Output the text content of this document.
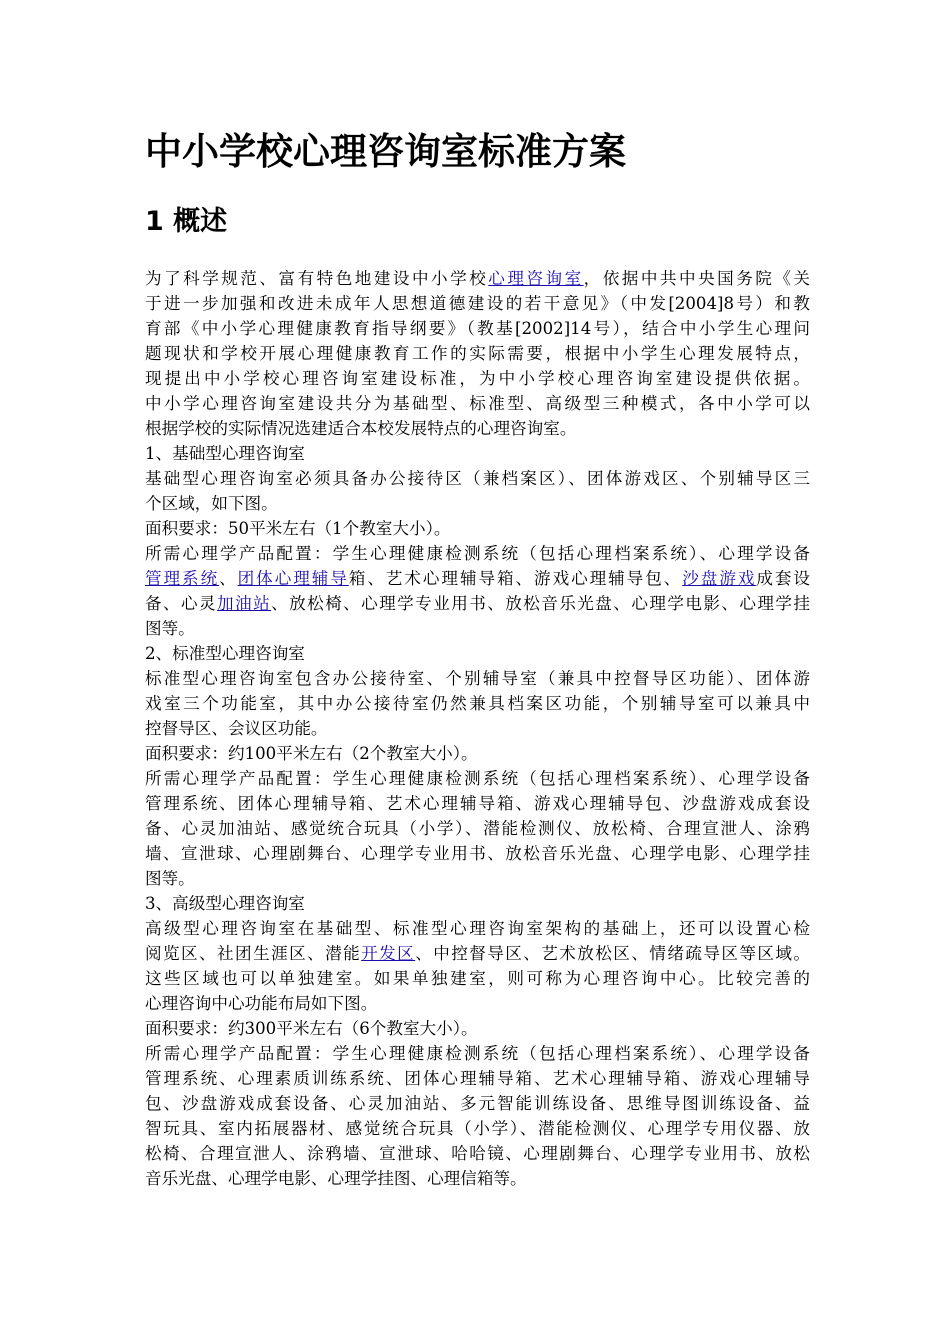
中小学校心理咨询室标准方案
1 概述
为了科学规范、富有特色地建设中小学校心理咨询室，依据中共中央国务院《关
于进一步加强和改进未成年人思想道德建设的若干意见》（中发[2004]8号）和教
育部《中小学心理健康教育指导纲要》（教基[2002]14号），结合中小学生心理问
题现状和学校开展心理健康教育工作的实际需要，根据中小学生心理发展特点，
现提出中小学校心理咨询室建设标准，为中小学校心理咨询室建设提供依据。
中小学心理咨询室建设共分为基础型、标准型、高级型三种模式，各中小学可以
根据学校的实际情况选建适合本校发展特点的心理咨询室。
1、基础型心理咨询室
基础型心理咨询室必须具备办公接待区（兼档案区）、团体游戏区、个别辅导区三
个区域，如下图。
面积要求：50平米左右（1个教室大小）。
所需心理学产品配置：学生心理健康检测系统（包括心理档案系统）、心理学设备
管理系统、团体心理辅导箱、艺术心理辅导箱、游戏心理辅导包、沙盘游戏成套设
备、心灵加油站、放松椅、心理学专业用书、放松音乐光盘、心理学电影、心理学挂
图等。
2、标准型心理咨询室
标准型心理咨询室包含办公接待室、个别辅导室（兼具中控督导区功能）、团体游
戏室三个功能室，其中办公接待室仍然兼具档案区功能，个别辅导室可以兼具中
控督导区、会议区功能。
面积要求：约100平米左右（2个教室大小）。
所需心理学产品配置：学生心理健康检测系统（包括心理档案系统）、心理学设备
管理系统、团体心理辅导箱、艺术心理辅导箱、游戏心理辅导包、沙盘游戏成套设
备、心灵加油站、感觉统合玩具（小学）、潜能检测仪、放松椅、合理宣泄人、涂鸦
墙、宣泄球、心理剧舞台、心理学专业用书、放松音乐光盘、心理学电影、心理学挂
图等。
3、高级型心理咨询室
高级型心理咨询室在基础型、标准型心理咨询室架构的基础上，还可以设置心检
阅览区、社团生涯区、潜能开发区、中控督导区、艺术放松区、情绪疏导区等区域。
这些区域也可以单独建室。如果单独建室，则可称为心理咨询中心。比较完善的
心理咨询中心功能布局如下图。
面积要求：约300平米左右（6个教室大小）。
所需心理学产品配置：学生心理健康检测系统（包括心理档案系统）、心理学设备
管理系统、心理素质训练系统、团体心理辅导箱、艺术心理辅导箱、游戏心理辅导
包、沙盘游戏成套设备、心灵加油站、多元智能训练设备、思维导图训练设备、益
智玩具、室内拓展器材、感觉统合玩具（小学）、潜能检测仪、心理学专用仪器、放
松椅、合理宣泄人、涂鸦墙、宣泄球、哈哈镜、心理剧舞台、心理学专业用书、放松
音乐光盘、心理学电影、心理学挂图、心理信箱等。
